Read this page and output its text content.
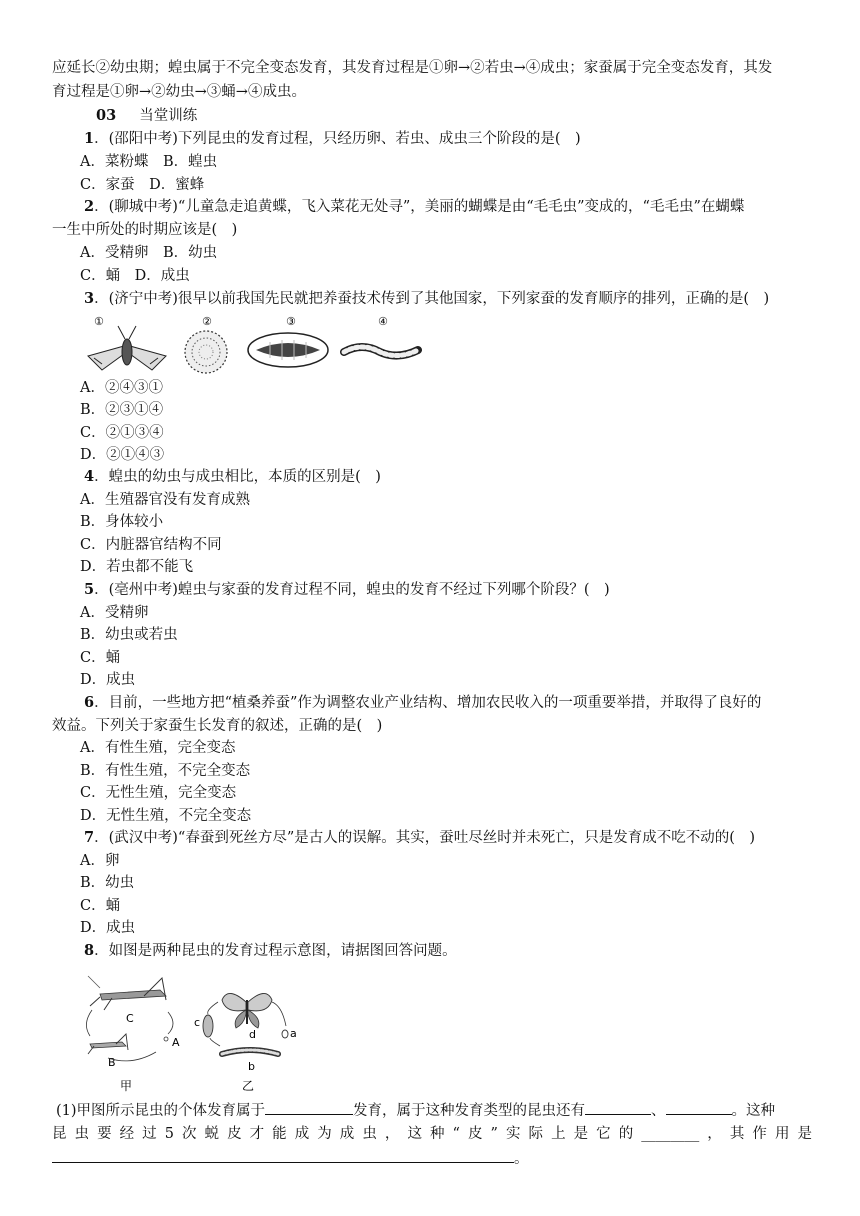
应延长②幼虫期；蝗虫属于不完全变态发育，其发育过程是①卵→②若虫→④成虫；家蚕属于完全变态发育，其发
育过程是①卵→②幼虫→③蛹→④成虫。
03 当堂训练
1．(邵阳中考)下列昆虫的发育过程，只经历卵、若虫、成虫三个阶段的是(　)
A．菜粉蝶　B．蝗虫
C．家蚕　D．蜜蜂
2．(聊城中考)“儿童急走追黄蝶，飞入菜花无处寻”，美丽的蝴蝶是由“毛毛虫”变成的，“毛毛虫”在蝴蝶
一生中所处的时期应该是(　)
A．受精卵　B．幼虫
C．蛹　D．成虫
3．(济宁中考)很早以前我国先民就把养蚕技术传到了其他国家，下列家蚕的发育顺序的排列，正确的是(　)
①	②	③	④
A．②④③①
B．②③①④
C．②①③④
D．②①④③
4．蝗虫的幼虫与成虫相比，本质的区别是(　)
A．生殖器官没有发育成熟
B．身体较小
C．内脏器官结构不同
D．若虫都不能飞
5．(亳州中考)蝗虫与家蚕的发育过程不同，蝗虫的发育不经过下列哪个阶段？(　)
A．受精卵
B．幼虫或若虫
C．蛹
D．成虫
6．目前，一些地方把“植桑养蚕”作为调整农业产业结构、增加农民收入的一项重要举措，并取得了良好的
效益。下列关于家蚕生长发育的叙述，正确的是(　)
A．有性生殖，完全变态
B．有性生殖，不完全变态
C．无性生殖，完全变态
D．无性生殖，不完全变态
7．(武汉中考)“春蚕到死丝方尽”是古人的误解。其实，蚕吐尽丝时并未死亡，只是发育成不吃不动的(　)
A．卵
B．幼虫
C．蛹
D．成虫
8．如图是两种昆虫的发育过程示意图，请据图回答问题。
C
B
A
甲
d
c
a
b
乙
(1)甲图所示昆虫的个体发育属于	发育，属于这种发育类型的昆虫还有	、	。这种
昆虫要经过5次蜕皮才能成为成虫，这种“皮”实际上是它的________，其作用是
。
